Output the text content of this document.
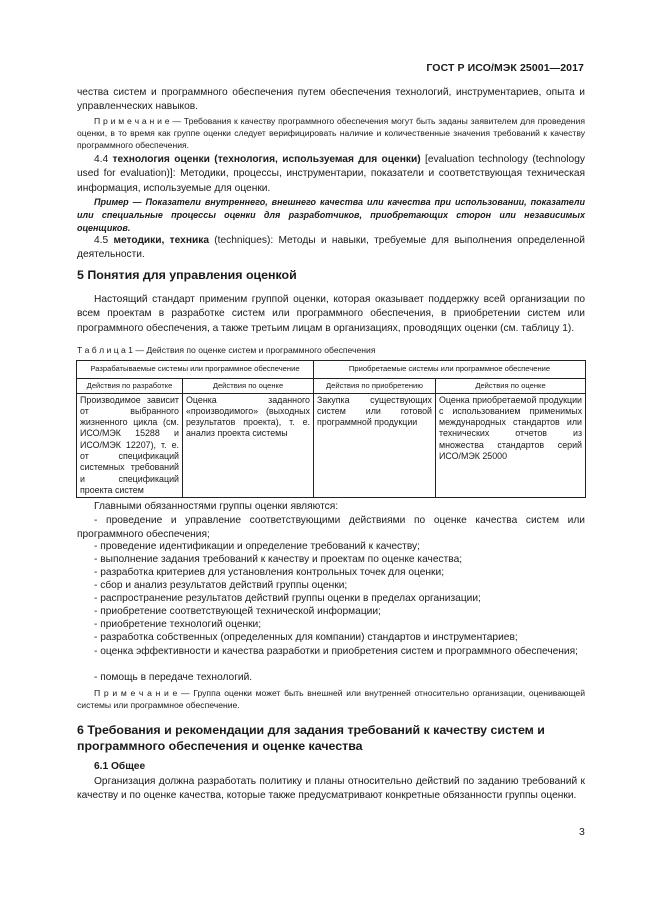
ГОСТ Р ИСО/МЭК 25001—2017
чества систем и программного обеспечения путем обеспечения технологий, инструментариев, опыта и управленческих навыков.
П р и м е ч а н и е — Требования к качеству программного обеспечения могут быть заданы заявителем для проведения оценки, в то время как группе оценки следует верифицировать наличие и количественные значения требований к качеству программного обеспечения.
4.4 технология оценки (технология, используемая для оценки) [evaluation technology (technology used for evaluation)]: Методики, процессы, инструментарии, показатели и соответствующая техническая информация, используемые для оценки.
Пример — Показатели внутреннего, внешнего качества или качества при использовании, показатели или специальные процессы оценки для разработчиков, приобретающих сторон или независимых оценщиков.
4.5 методики, техника (techniques): Методы и навыки, требуемые для выполнения определенной деятельности.
5 Понятия для управления оценкой
Настоящий стандарт применим группой оценки, которая оказывает поддержку всей организации по всем проектам в разработке систем или программного обеспечения, в приобретении систем или программного обеспечения, а также третьим лицам в организациях, проводящих оценки (см. таблицу 1).
Т а б л и ц а 1 — Действия по оценке систем и программного обеспечения
Разрабатываемые системы или программное обеспечение		Приобретаемые системы или программное обеспечение	
Действия по разработке	Действия по оценке	Действия по приобретению	Действия по оценке
Производимое зависит от выбранного жизненного цикла (см. ИСО/МЭК 15288 и ИСО/МЭК 12207), т. е. от спецификаций системных требований и спецификаций проекта систем	Оценка заданного «производимого» (выходных результатов проекта), т. е. анализ проекта системы	Закупка существующих систем или готовой программной продукции	Оценка приобретаемой продукции с использованием применимых международных стандартов или технических отчетов из множества стандартов серий ИСО/МЭК 25000
Главными обязанностями группы оценки являются:
- проведение и управление соответствующими действиями по оценке качества систем или программного обеспечения;
- проведение идентификации и определение требований к качеству;
- выполнение задания требований к качеству и проектам по оценке качества;
- разработка критериев для установления контрольных точек для оценки;
- сбор и анализ результатов действий группы оценки;
- распространение результатов действий группы оценки в пределах организации;
- приобретение соответствующей технической информации;
- приобретение технологий оценки;
- разработка собственных (определенных для компании) стандартов и инструментариев;
- оценка эффективности и качества разработки и приобретения систем и программного обеспечения;
- помощь в передаче технологий.
П р и м е ч а н и е — Группа оценки может быть внешней или внутренней относительно организации, оценивающей системы или программное обеспечение.
6 Требования и рекомендации для задания требований к качеству систем и программного обеспечения и оценке качества
6.1 Общее
Организация должна разработать политику и планы относительно действий по заданию требований к качеству и по оценке качества, которые также предусматривают конкретные обязанности группы оценки.
3
